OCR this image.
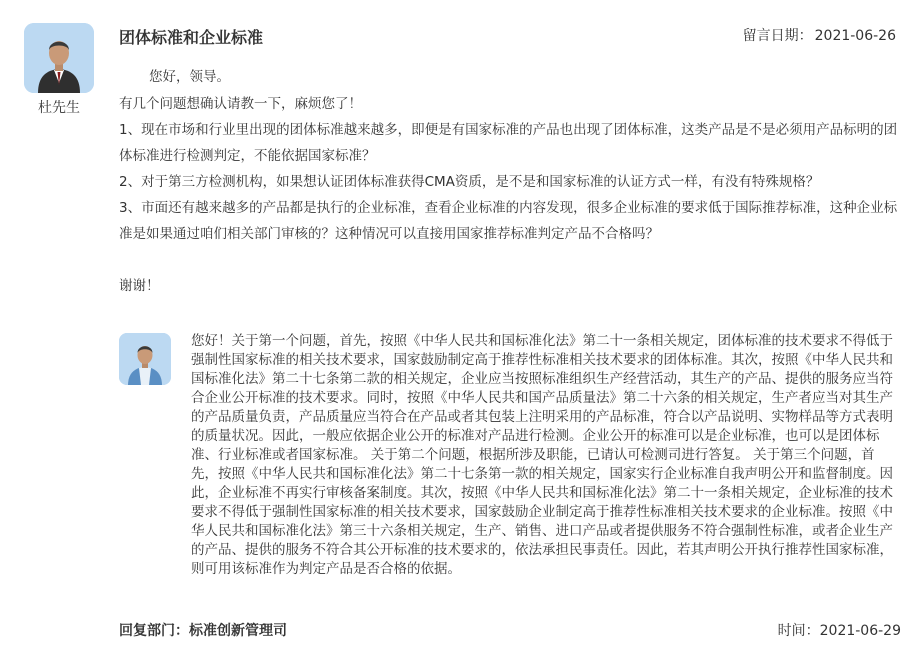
杜先生
团体标准和企业标准	留言日期： 2021-06-26

您好，领导。

有几个问题想确认请教一下，麻烦您了！

1、现在市场和行业里出现的团体标准越来越多，即便是有国家标准的产品也出现了团体标准，这类产品是不是必须用产品标明的团体标准进行检测判定，不能依据国家标准？

2、对于第三方检测机构，如果想认证团体标准获得CMA资质，是不是和国家标准的认证方式一样，有没有特殊规格？

3、市面还有越来越多的产品都是执行的企业标准，查看企业标准的内容发现，很多企业标准的要求低于国际推荐标准，这种企业标准是如果通过咱们相关部门审核的？这种情况可以直接用国家推荐标准判定产品不合格吗？

谢谢！

您好！关于第一个问题，首先，按照《中华人民共和国标准化法》第二十一条相关规定，团体标准的技术要求不得低于强制性国家标准的相关技术要求，国家鼓励制定高于推荐性标准相关技术要求的团体标准。其次，按照《中华人民共和国标准化法》第二十七条第二款的相关规定，企业应当按照标准组织生产经营活动，其生产的产品、提供的服务应当符合企业公开标准的技术要求。同时，按照《中华人民共和国产品质量法》第二十六条的相关规定，生产者应当对其生产的产品质量负责，产品质量应当符合在产品或者其包装上注明采用的产品标准，符合以产品说明、实物样品等方式表明的质量状况。因此，一般应依据企业公开的标准对产品进行检测。企业公开的标准可以是企业标准，也可以是团体标准、行业标准或者国家标准。 关于第二个问题，根据所涉及职能，已请认可检测司进行答复。 关于第三个问题，首先，按照《中华人民共和国标准化法》第二十七条第一款的相关规定，国家实行企业标准自我声明公开和监督制度。因此，企业标准不再实行审核备案制度。其次，按照《中华人民共和国标准化法》第二十一条相关规定，企业标准的技术要求不得低于强制性国家标准的相关技术要求，国家鼓励企业制定高于推荐性标准相关技术要求的企业标准。按照《中华人民共和国标准化法》第三十六条相关规定，生产、销售、进口产品或者提供服务不符合强制性标准，或者企业生产的产品、提供的服务不符合其公开标准的技术要求的，依法承担民事责任。因此，若其声明公开执行推荐性国家标准，则可用该标准作为判定产品是否合格的依据。
回复部门：标准创新管理司	时间：2021-06-29
